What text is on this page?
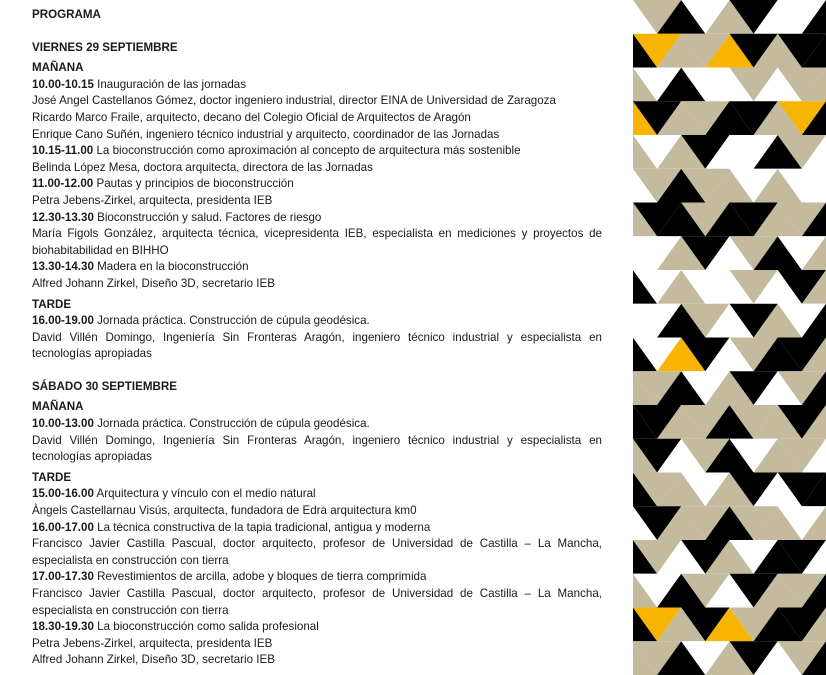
PROGRAMA
VIERNES 29 SEPTIEMBRE
MAÑANA
10.00-10.15 Inauguración de las jornadas
José Angel Castellanos Gómez, doctor ingeniero industrial, director EINA de Universidad de Zaragoza
Ricardo Marco Fraile, arquitecto, decano del Colegio Oficial de Arquitectos de Aragón
Enrique Cano Suñén, ingeniero técnico industrial y arquitecto, coordinador de las Jornadas
10.15-11.00 La bioconstrucción como aproximación al concepto de arquitectura más sostenible
Belinda López Mesa, doctora arquitecta, directora de las Jornadas
11.00-12.00 Pautas y principios de bioconstrucción
Petra Jebens-Zirkel, arquitecta, presidenta IEB
12.30-13.30 Bioconstrucción y salud. Factores de riesgo
María Figols González, arquitecta técnica, vicepresidenta IEB, especialista en mediciones y proyectos de biohabitabilidad en BIHHO
13.30-14.30 Madera en la bioconstrucción
Alfred Johann Zirkel, Diseño 3D, secretario IEB
TARDE
16.00-19.00 Jornada práctica. Construcción de cúpula geodésica.
David Villén Domingo, Ingeniería Sin Fronteras Aragón, ingeniero técnico industrial y especialista en tecnologías apropiadas
SÁBADO 30 SEPTIEMBRE
MAÑANA
10.00-13.00 Jornada práctica. Construcción de cúpula geodésica.
David Villén Domingo, Ingeniería Sin Fronteras Aragón, ingeniero técnico industrial y especialista en tecnologías apropiadas
TARDE
15.00-16.00 Arquitectura y vínculo con el medio natural
Àngels Castellarnau Visús, arquitecta, fundadora de Edra arquitectura km0
16.00-17.00 La técnica constructiva de la tapia tradicional, antigua y moderna
Francisco Javier Castilla Pascual, doctor arquitecto, profesor de Universidad de Castilla – La Mancha, especialista en construcción con tierra
17.00-17.30 Revestimientos de arcilla, adobe y bloques de tierra comprimida
Francisco Javier Castilla Pascual, doctor arquitecto, profesor de Universidad de Castilla – La Mancha, especialista en construcción con tierra
18.30-19.30 La bioconstrucción como salida profesional
Petra Jebens-Zirkel, arquitecta, presidenta IEB
Alfred Johann Zirkel, Diseño 3D, secretario IEB
